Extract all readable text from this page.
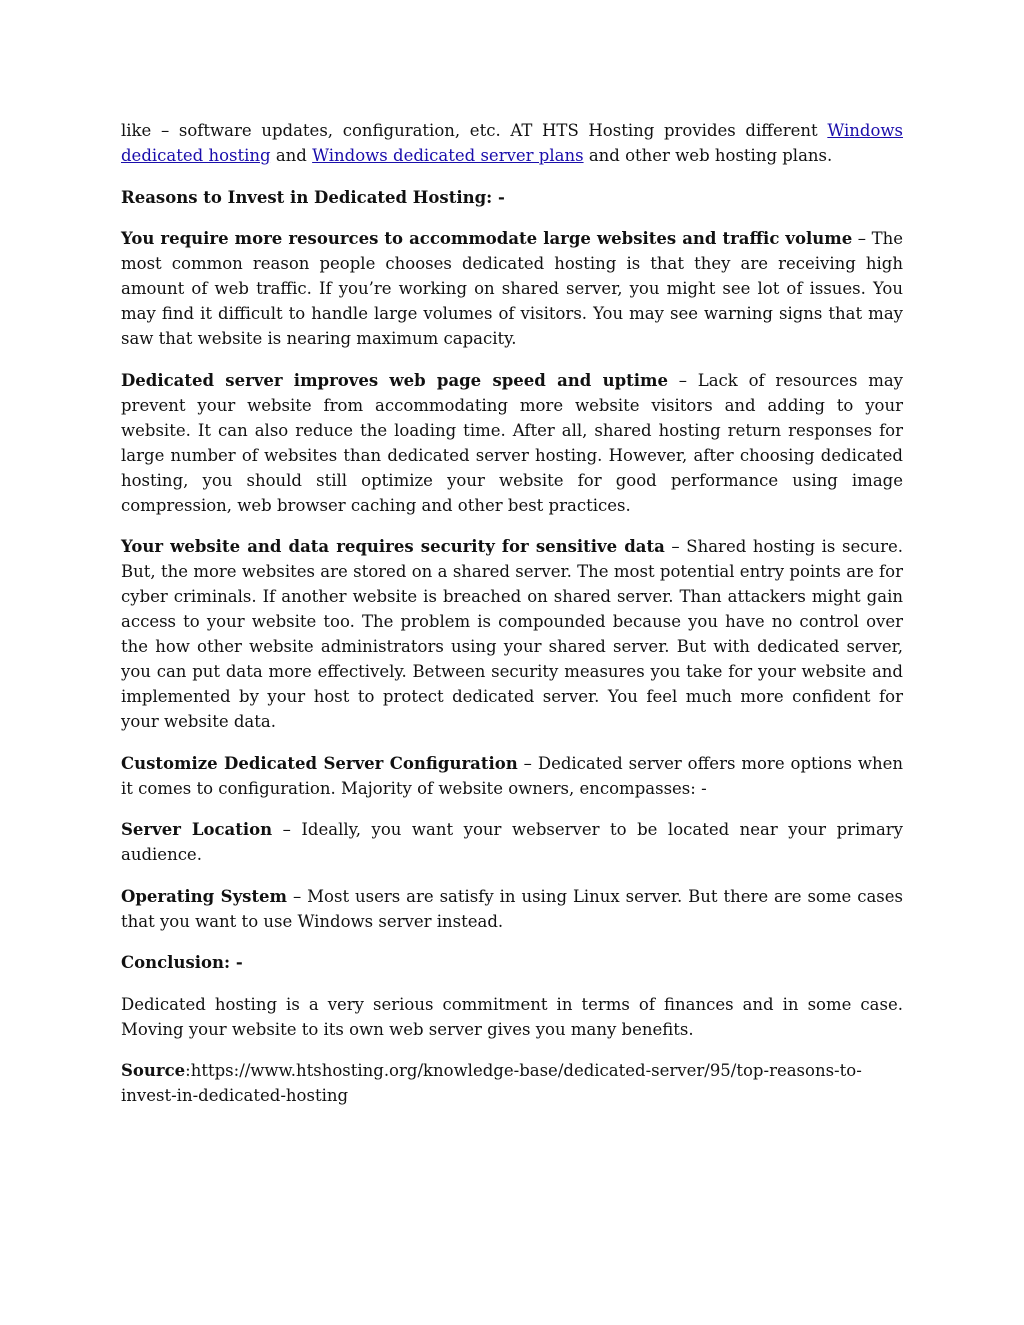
like – software updates, configuration, etc. AT HTS Hosting provides different Windows dedicated hosting and Windows dedicated server plans and other web hosting plans.

Reasons to Invest in Dedicated Hosting: -

You require more resources to accommodate large websites and traffic volume – The most common reason people chooses dedicated hosting is that they are receiving high amount of web traffic. If you’re working on shared server, you might see lot of issues. You may find it difficult to handle large volumes of visitors. You may see warning signs that may saw that website is nearing maximum capacity.

Dedicated server improves web page speed and uptime – Lack of resources may prevent your website from accommodating more website visitors and adding to your website. It can also reduce the loading time. After all, shared hosting return responses for large number of websites than dedicated server hosting. However, after choosing dedicated hosting, you should still optimize your website for good performance using image compression, web browser caching and other best practices.

Your website and data requires security for sensitive data – Shared hosting is secure. But, the more websites are stored on a shared server. The most potential entry points are for cyber criminals. If another website is breached on shared server. Than attackers might gain access to your website too. The problem is compounded because you have no control over the how other website administrators using your shared server. But with dedicated server, you can put data more effectively. Between security measures you take for your website and implemented by your host to protect dedicated server. You feel much more confident for your website data.

Customize Dedicated Server Configuration – Dedicated server offers more options when it comes to configuration. Majority of website owners, encompasses: -

Server Location – Ideally, you want your webserver to be located near your primary audience.

Operating System – Most users are satisfy in using Linux server. But there are some cases that you want to use Windows server instead.

Conclusion: -

Dedicated hosting is a very serious commitment in terms of finances and in some case. Moving your website to its own web server gives you many benefits.

Source:https://www.htshosting.org/knowledge-base/dedicated-server/95/top-reasons-to-invest-in-dedicated-hosting
